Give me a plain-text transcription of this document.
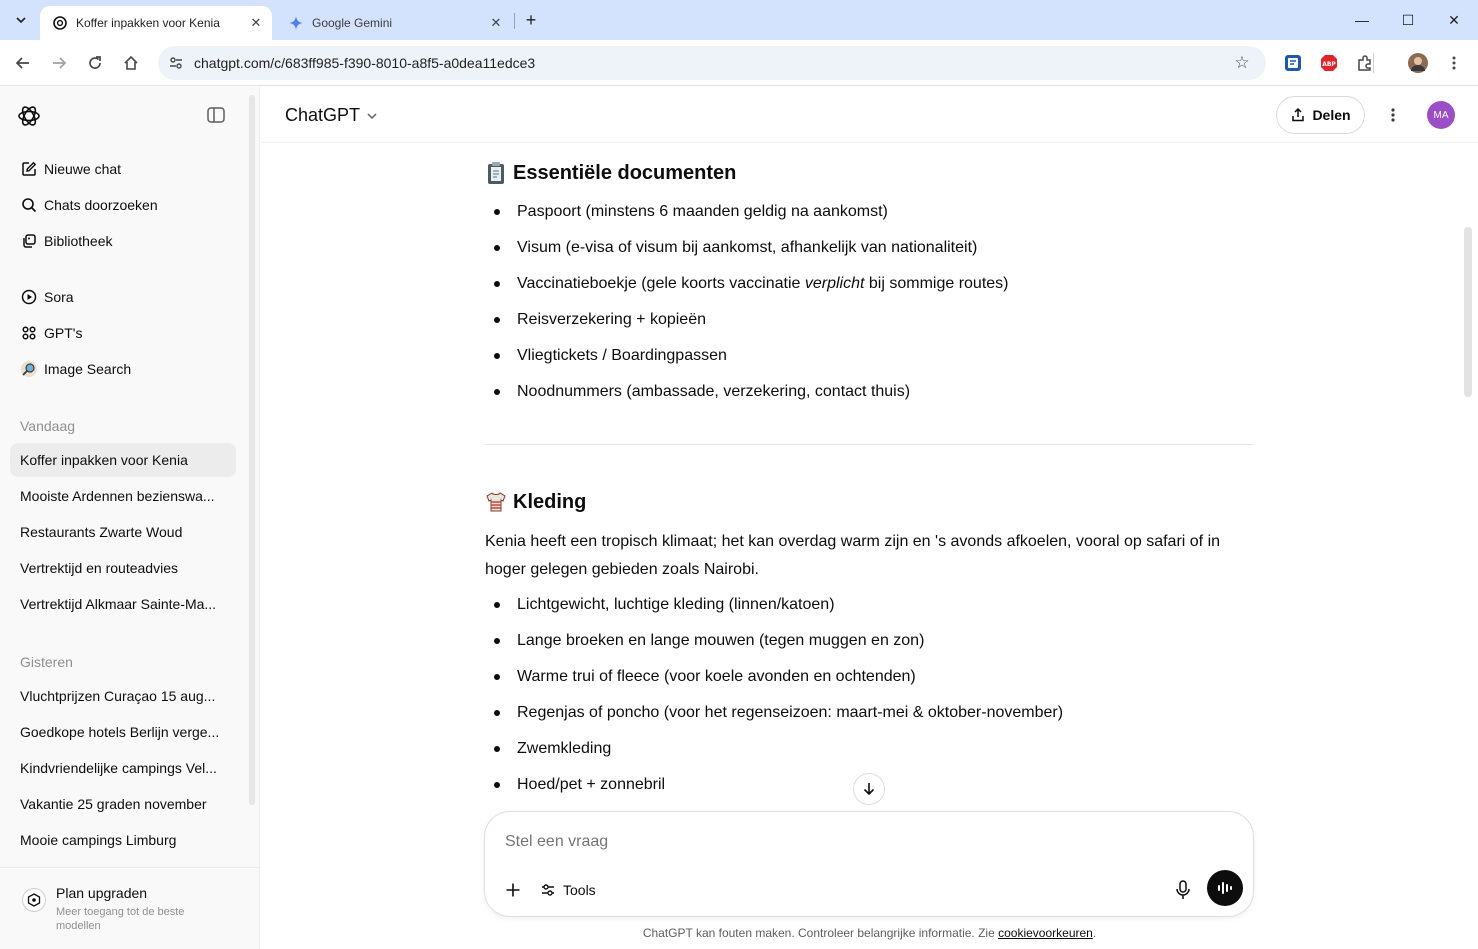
Koffer inpakken voor Kenia	✕	Google Gemini	✕ +	—	☐	✕
chatgpt.com/c/683ff985-f390-8010-a8f5-a0dea11edce3	☆	ABP
Nieuwe chat
Chats doorzoeken
Bibliotheek
Sora
GPT's
Image Search
Vandaag
Koffer inpakken voor Kenia
Mooiste Ardennen bezienswa...
Restaurants Zwarte Woud
Vertrektijd en routeadvies
Vertrektijd Alkmaar Sainte-Ma...
Gisteren
Vluchtprijzen Curaçao 15 aug...
Goedkope hotels Berlijn verge...
Kindvriendelijke campings Vel...
Vakantie 25 graden november
Mooie campings Limburg
Plan upgraden
Meer toegang tot de beste modellen
ChatGPT	Delen	MA
Essentiële documenten
Paspoort (minstens 6 maanden geldig na aankomst)
Visum (e-visa of visum bij aankomst, afhankelijk van nationaliteit)
Vaccinatieboekje (gele koorts vaccinatie verplicht bij sommige routes)
Reisverzekering + kopieën
Vliegtickets / Boardingpassen
Noodnummers (ambassade, verzekering, contact thuis)
Kleding
Kenia heeft een tropisch klimaat; het kan overdag warm zijn en 's avonds afkoelen, vooral op safari of in hoger gelegen gebieden zoals Nairobi.
Lichtgewicht, luchtige kleding (linnen/katoen)
Lange broeken en lange mouwen (tegen muggen en zon)
Warme trui of fleece (voor koele avonden en ochtenden)
Regenjas of poncho (voor het regenseizoen: maart-mei & oktober-november)
Zwemkleding
Hoed/pet + zonnebril
Stel een vraag
Tools
ChatGPT kan fouten maken. Controleer belangrijke informatie. Zie cookievoorkeuren.
